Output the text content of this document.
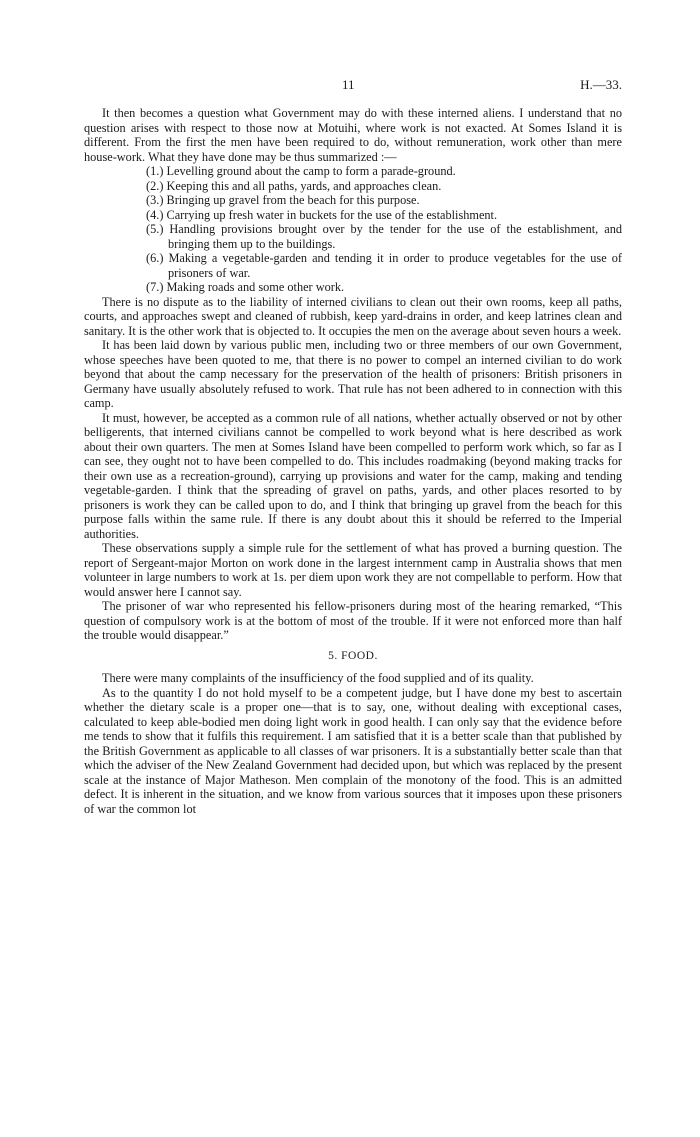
11	H.—33.

It then becomes a question what Government may do with these interned aliens. I understand that no question arises with respect to those now at Motuihi, where work is not exacted. At Somes Island it is different. From the first the men have been required to do, without remuneration, work other than mere house-work. What they have done may be thus summarized :—

(1.) Levelling ground about the camp to form a parade-ground.
(2.) Keeping this and all paths, yards, and approaches clean.
(3.) Bringing up gravel from the beach for this purpose.
(4.) Carrying up fresh water in buckets for the use of the establishment.
(5.) Handling provisions brought over by the tender for the use of the establishment, and bringing them up to the buildings.
(6.) Making a vegetable-garden and tending it in order to produce vegetables for the use of prisoners of war.
(7.) Making roads and some other work.

There is no dispute as to the liability of interned civilians to clean out their own rooms, keep all paths, courts, and approaches swept and cleaned of rubbish, keep yard-drains in order, and keep latrines clean and sanitary. It is the other work that is objected to. It occupies the men on the average about seven hours a week.

It has been laid down by various public men, including two or three members of our own Government, whose speeches have been quoted to me, that there is no power to compel an interned civilian to do work beyond that about the camp necessary for the preservation of the health of prisoners: British prisoners in Germany have usually absolutely refused to work. That rule has not been adhered to in connection with this camp.

It must, however, be accepted as a common rule of all nations, whether actually observed or not by other belligerents, that interned civilians cannot be compelled to work beyond what is here described as work about their own quarters. The men at Somes Island have been compelled to perform work which, so far as I can see, they ought not to have been compelled to do. This includes roadmaking (beyond making tracks for their own use as a recreation-ground), carrying up provisions and water for the camp, making and tending vegetable-garden. I think that the spreading of gravel on paths, yards, and other places resorted to by prisoners is work they can be called upon to do, and I think that bringing up gravel from the beach for this purpose falls within the same rule. If there is any doubt about this it should be referred to the Imperial authorities.

These observations supply a simple rule for the settlement of what has proved a burning question. The report of Sergeant-major Morton on work done in the largest internment camp in Australia shows that men volunteer in large numbers to work at 1s. per diem upon work they are not compellable to perform. How that would answer here I cannot say.

The prisoner of war who represented his fellow-prisoners during most of the hearing remarked, “This question of compulsory work is at the bottom of most of the trouble. If it were not enforced more than half the trouble would disappear.”

5. FOOD.

There were many complaints of the insufficiency of the food supplied and of its quality.

As to the quantity I do not hold myself to be a competent judge, but I have done my best to ascertain whether the dietary scale is a proper one—that is to say, one, without dealing with exceptional cases, calculated to keep able-bodied men doing light work in good health. I can only say that the evidence before me tends to show that it fulfils this requirement. I am satisfied that it is a better scale than that published by the British Government as applicable to all classes of war prisoners. It is a substantially better scale than that which the adviser of the New Zealand Government had decided upon, but which was replaced by the present scale at the instance of Major Matheson. Men complain of the monotony of the food. This is an admitted defect. It is inherent in the situation, and we know from various sources that it imposes upon these prisoners of war the common lot
